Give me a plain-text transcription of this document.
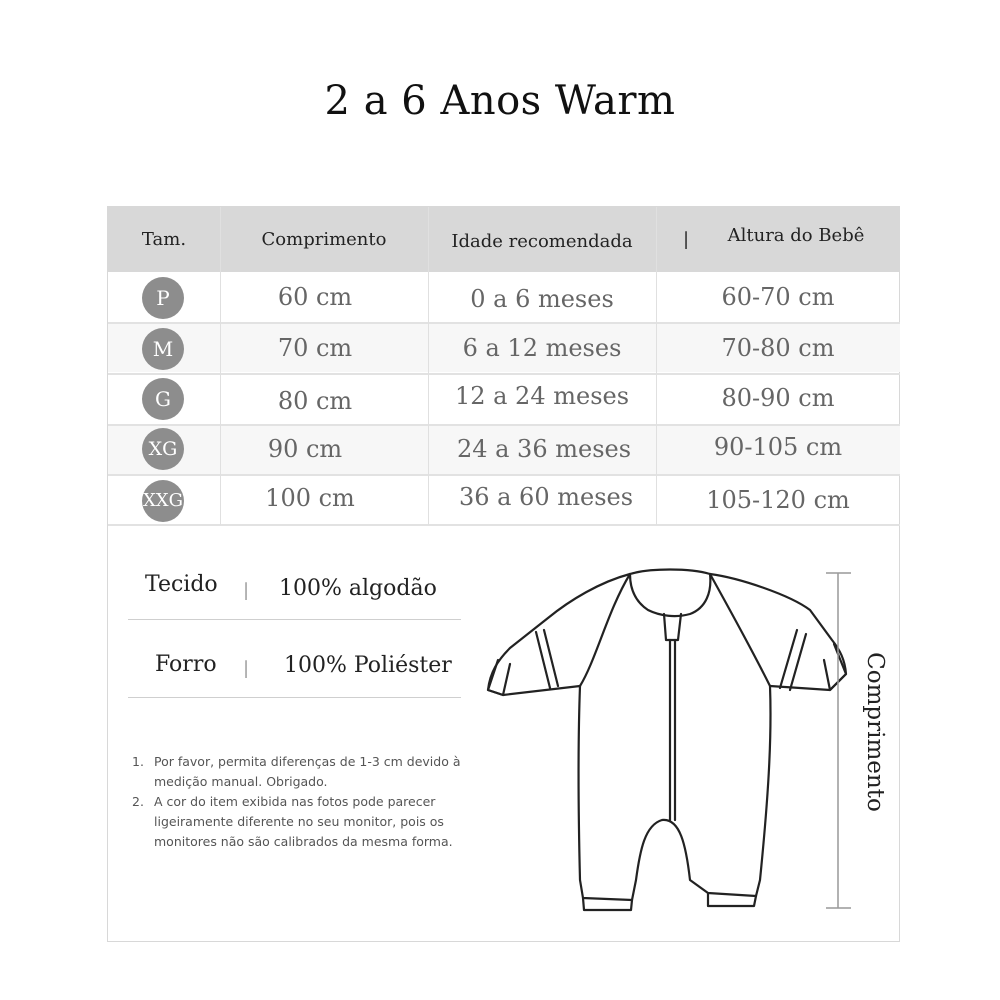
2 a 6 Anos Warm
Tam.	Comprimento	Idade recomendada	|	Altura do Bebê
P	60 cm	0 a 6 meses	60-70 cm
M	70 cm	6 a 12 meses	70-80 cm
G	80 cm	12 a 24 meses	80-90 cm
XG	90 cm	24 a 36 meses	90-105 cm
XXG	100 cm	36 a 60 meses	105-120 cm
Tecido | 100% algodão
Forro | 100% Poliéster
1. Por favor, permita diferenças de 1-3 cm devido à medição manual. Obrigado.
2. A cor do item exibida nas fotos pode parecer ligeiramente diferente no seu monitor, pois os monitores não são calibrados da mesma forma.
Comprimento
